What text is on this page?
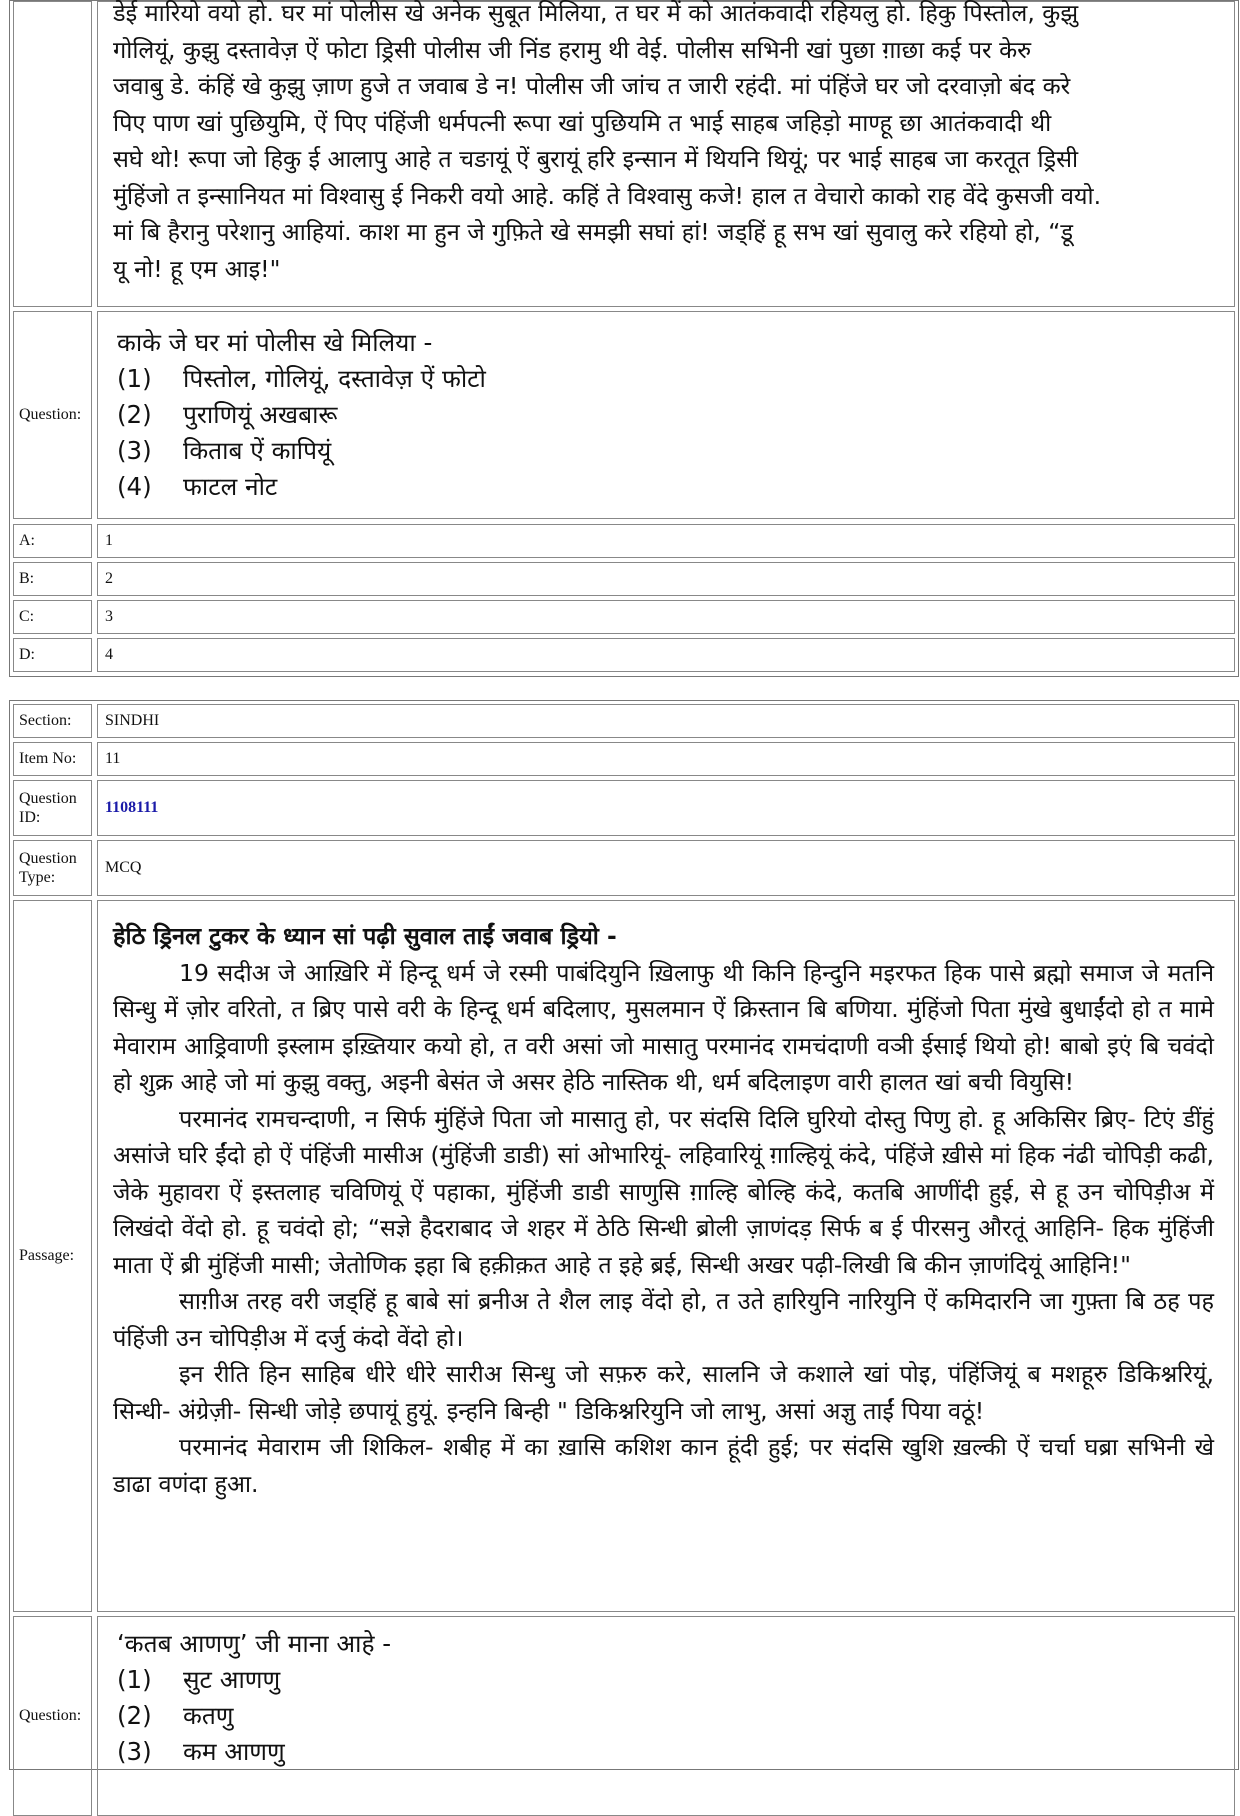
डेई मारियो वयो हो. घर मां पोलीस खे अनेक सुबूत मिलिया, त घर में को आतंकवादी रहियलु हो. हिकु पिस्तोल, कुझु
गोलियूं, कुझु दस्तावेज़ ऐं फोटा ड्रिसी पोलीस जी निंड हरामु थी वेई. पोलीस सभिनी खां पुछा ग़ाछा कई पर केरु
जवाबु डे. कंहिं खे कुझु ज़ाण हुजे त जवाब डे न! पोलीस जी जांच त जारी रहंदी. मां पंहिंजे घर जो दरवाज़ो बंद करे
पिए पाण खां पुछियुमि, ऐं पिए पंहिंजी धर्मपत्नी रूपा खां पुछियमि त भाई साहब जहिड़ो माण्हू छा आतंकवादी थी
सघे थो! रूपा जो हिकु ई आलापु आहे त चङायूं ऐं बुरायूं हरि इन्सान में थियनि थियूं; पर भाई साहब जा करतूत ड्रिसी
मुंहिंजो त इन्सानियत मां विश्वासु ई निकरी वयो आहे. कहिं ते विश्वासु कजे! हाल त वेचारो काको राह वेंदे कुसजी वयो.
मां बि हैरानु परेशानु आहियां. काश मा हुन जे गुफ़िते खे समझी सघां हां! जड्हिं हू सभ खां सुवालु करे रहियो हो, “डू
यू नो! हू एम आइ!"
Question:
काके जे घर मां पोलीस खे मिलिया -
(1)	पिस्तोल, गोलियूं, दस्तावेज़ ऐं फोटो
(2)	पुराणियूं अखबारू
(3)	किताब ऐं कापियूं
(4)	फाटल नोट
A:	1
B:	2
C:	3
D:	4
Section:	SINDHI
Item No:	11
Question ID:
1108111
Question Type:
MCQ
Passage:

हेठि ड्रिनल टुकर के ध्यान सां पढ़ी सुवाल ताईं जवाब ड्रियो -

19 सदीअ जे आख़िरि में हिन्दू धर्म जे रस्मी पाबंदियुनि ख़िलाफु थी किनि हिन्दुनि मइरफत हिक पासे ब्रह्मो समाज जे मतनि सिन्धु में ज़ोर वरितो, त ब्रिए पासे वरी के हिन्दू धर्म बदिलाए, मुसलमान ऐं क्रिस्तान बि बणिया. मुंहिंजो पिता मुंखे बुधाईंदो हो त मामे मेवाराम आड्रिवाणी इस्लाम इख़्तियार कयो हो, त वरी असां जो मासातु परमानंद रामचंदाणी वञी ईसाई थियो हो! बाबो इएं बि चवंदो हो शुक्र आहे जो मां कुझु वक्तु, अइनी बेसंत जे असर हेठि नास्तिक थी, धर्म बदिलाइण वारी हालत खां बची वियुसि!

परमानंद रामचन्दाणी, न सिर्फ मुंहिंजे पिता जो मासातु हो, पर संदसि दिलि घुरियो दोस्तु पिणु हो. हू अकिसिर ब्रिए- टिएं डींहुं असांजे घरि ईंदो हो ऐं पंहिंजी मासीअ (मुंहिंजी डाडी) सां ओभारियूं- लहिवारियूं ग़ाल्हियूं कंदे, पंहिंजे ख़ीसे मां हिक नंढी चोपिड़ी कढी, जेके मुहावरा ऐं इस्तलाह चविणियूं ऐं पहाका, मुंहिंजी डाडी साणुसि ग़ाल्हि बोल्हि कंदे, कतबि आणींदी हुई, से हू उन चोपिड़ीअ में लिखंदो वेंदो हो. हू चवंदो हो; “सज्ञे हैदराबाद जे शहर में ठेठि सिन्धी ब्रोली ज़ाणंदड़ सिर्फ ब ई पीरसनु औरतूं आहिनि- हिक मुंहिंजी माता ऐं ब्री मुंहिंजी मासी; जेतोणिक इहा बि हक़ीक़त आहे त इहे ब्रई, सिन्धी अखर पढ़ी-लिखी बि कीन ज़ाणंदियूं आहिनि!"

साग़ीअ तरह वरी जड्हिं हू बाबे सां ब्रनीअ ते शैल लाइ वेंदो हो, त उते हारियुनि नारियुनि ऐं कमिदारनि जा गुफ़्ता बि ठह पह पंहिंजी उन चोपिड़ीअ में दर्जु कंदो वेंदो हो।

इन रीति हिन साहिब धीरे धीरे सारीअ सिन्धु जो सफ़रु करे, सालनि जे कशाले खां पोइ, पंहिंजियूं ब मशहूरु डिकिश्नरियूं, सिन्धी- अंग्रेज़ी- सिन्धी जोड़े छपायूं हुयूं. इन्हनि बिन्ही " डिकिश्नरियुनि जो लाभु, असां अज्ञु ताईं पिया वठूं!

परमानंद मेवाराम जी शिकिल- शबीह में का ख़ासि कशिश कान हूंदी हुई; पर संदसि खुशि ख़ल्की ऐं चर्चा घब्रा सभिनी खे डाढा वणंदा हुआ.

Question:
‘कतब आणणु’ जी माना आहे -
(1)	सुट आणणु
(2)	कतणु
(3)	कम आणणु
